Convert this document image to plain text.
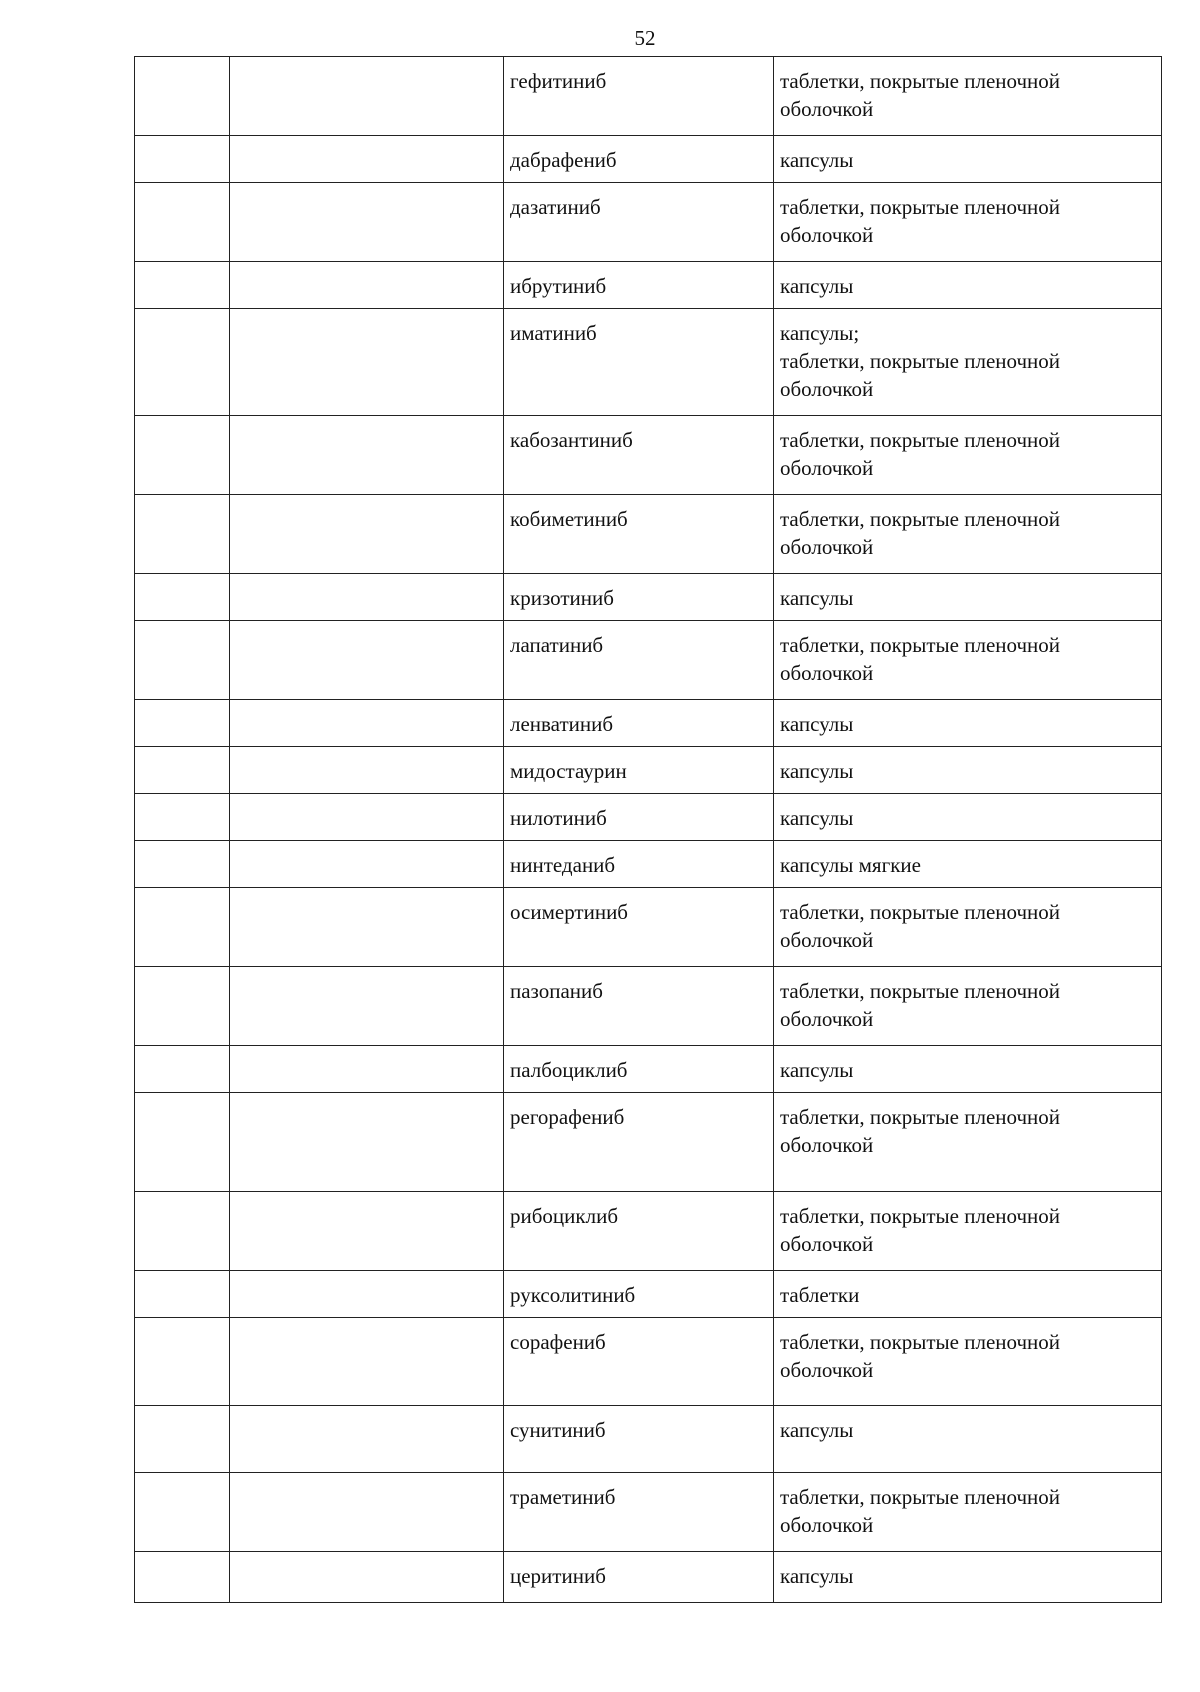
52
		гефитиниб	таблетки, покрытые пленочной
оболочкой

		дабрафениб	капсулы

		дазатиниб	таблетки, покрытые пленочной
оболочкой

		ибрутиниб	капсулы

		иматиниб	капсулы;
таблетки, покрытые пленочной
оболочкой

		кабозантиниб	таблетки, покрытые пленочной
оболочкой

		кобиметиниб	таблетки, покрытые пленочной
оболочкой

		кризотиниб	капсулы

		лапатиниб	таблетки, покрытые пленочной
оболочкой

		ленватиниб	капсулы

		мидостаурин	капсулы

		нилотиниб	капсулы

		нинтеданиб	капсулы мягкие

		осимертиниб	таблетки, покрытые пленочной
оболочкой

		пазопаниб	таблетки, покрытые пленочной
оболочкой

		палбоциклиб	капсулы

		регорафениб	таблетки, покрытые пленочной
оболочкой

		рибоциклиб	таблетки, покрытые пленочной
оболочкой

		руксолитиниб	таблетки

		сорафениб	таблетки, покрытые пленочной
оболочкой

		сунитиниб	капсулы

		траметиниб	таблетки, покрытые пленочной
оболочкой

		церитиниб	капсулы
